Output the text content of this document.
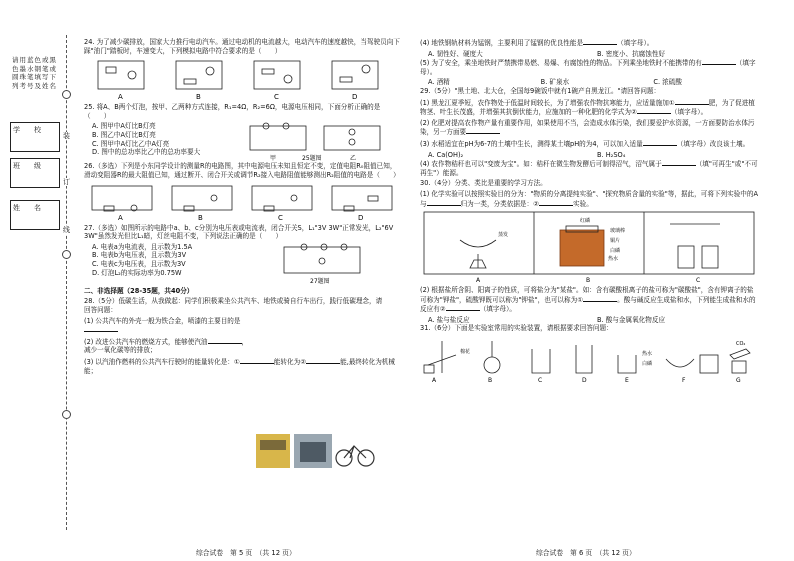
请用蓝色或黑色墨水钢笔或圆珠笔填写下列考号及姓名
学　　校
班　　级
姓　　名
装
订
线
24. 为了减少碳排放，国家大力推行电动汽车。通过电动机的电流越大，电动汽车的速度越快，当驾驶员向下踩"油门"踏板时，车速变大，下列模拟电路中符合要求的是（　　）
A	B	C	D
25. 将A、B两个灯泡，按甲、乙两种方式连接，R₁=4Ω，R₂=6Ω，电源电压相同，下面分析正确的是（　　）
A. 图甲中A灯比B灯亮
B. 图乙中A灯比B灯亮
C. 图甲中A灯比乙中A灯亮
D. 图中的总功率比乙中的总功率要大
甲	25题图	乙
26.（多选）下列是小东同学设计的测量R的电路图，其中电源电压未知且恒定不变，定值电阻R₀阻值已知，滑动变阻器R的最大阻值已知，通过断开、闭合开关或调节R₂接入电路阻值能够测出R₂阻值的电路是（　　）
A	B	C	D
27.（多选）如图所示的电路中a、b、c分别为电压表或电流表，闭合开关S，L₁"3V 3W"正常发光，L₂"6V 3W"虽然发光但比L₁暗，灯丝电阻不变，下列说法正确的是（　　）
A. 电表a为电流表，且示数为1.5A
B. 电表b为电压表，且示数为3V
C. 电表c为电压表，且示数为3V
D. 灯泡L₂的实际功率为0.75W
27题图
二、非选择题（28-35题，共40分）
28.（5分）低碳生活，从我做起：同学们积极乘坐公共汽车、地铁或骑自行车出行，践行低碳理念，请回答问题：
(1) 公共汽车的外壳一般为铁合金，喷漆的主要目的是
(2) 改进公共汽车的燃烧方式，能够使汽油	，减少一氧化碳等的排放；
(3) 以汽油作燃料的公共汽车行驶时的能量转化是：①	能转化为②	能,最终转化为机械能；
(4) 地铁钢轨材料为锰钢，主要利用了锰钢的优良性能是	（填字母）。
A. 韧性好、硬度大	B. 密度小、抗腐蚀性好
(5) 为了安全，乘坐地铁时严禁携带易燃、易爆、有腐蚀性的物品。下列乘坐地铁时不能携带的有	（填字母）。
A. 酒精	B. 矿泉水	C. 浓硫酸
29.（5分）"黑土地、北大仓，全国每9碗饭中就有1碗产自黑龙江。"请回答问题：
(1) 黑龙江夏季短，农作物处于低温时间较长，为了增强农作物抗寒能力，应适量施加①	肥，为了促进植物茎、叶生长茂盛，并增强其抗倒伏能力，应施加的一种化肥的化学式为②	（填字母）。
(2) 化肥对提高农作物产量有重要作用，如果使用不当，会造成水体污染，我们要爱护水资源，一方面要防治水体污染，另一方面要
(3) 水稻适宜在pH为6-7的土壤中生长，测得某土壤pH的为4，可以加入适量	（填字母）改良该土壤。
A. Ca(OH)₂	B. H₂SO₄
(4) 农作物秸秆也可以"变废为宝"。如：秸秆在微生物发酵后可制得沼气，沼气属于	（填"可再生"或"不可再生"）能源。
30.（4分）分类、类比是重要的学习方法。
(1) 化学实验可以按照实验目的分为："物质的分离提纯实验"、"探究物质含量的实验"等，据此，可将下列实验中的A与	归为一类，分类依据是：②	实验。
A	B	C
蒸发
热水
红磷
玻璃棒
铜片
白磷
(2) 根据盐所含阴、阳离子的性质，可将盐分为"某盐"。如：含有碳酸根离子的盐可称为"碳酸盐"，含有钾离子的盐可称为"钾盐"，硫酸钾既可以称为"钾盐"，也可以称为①	。酸与碱反应生成盐和水，下列能生成盐和水的反应有②	（填字母）。
A. 盐与盐反应	B. 酸与金属氧化物反应
31.（6分）下面是实验室常用的实验装置，请根据要求回答问题：
A	B	C	D	E	F	G
棉花	热水
白磷
CO₂
综合试卷　第 5 页　（共 12 页）	综合试卷　第 6 页　（共 12 页）
